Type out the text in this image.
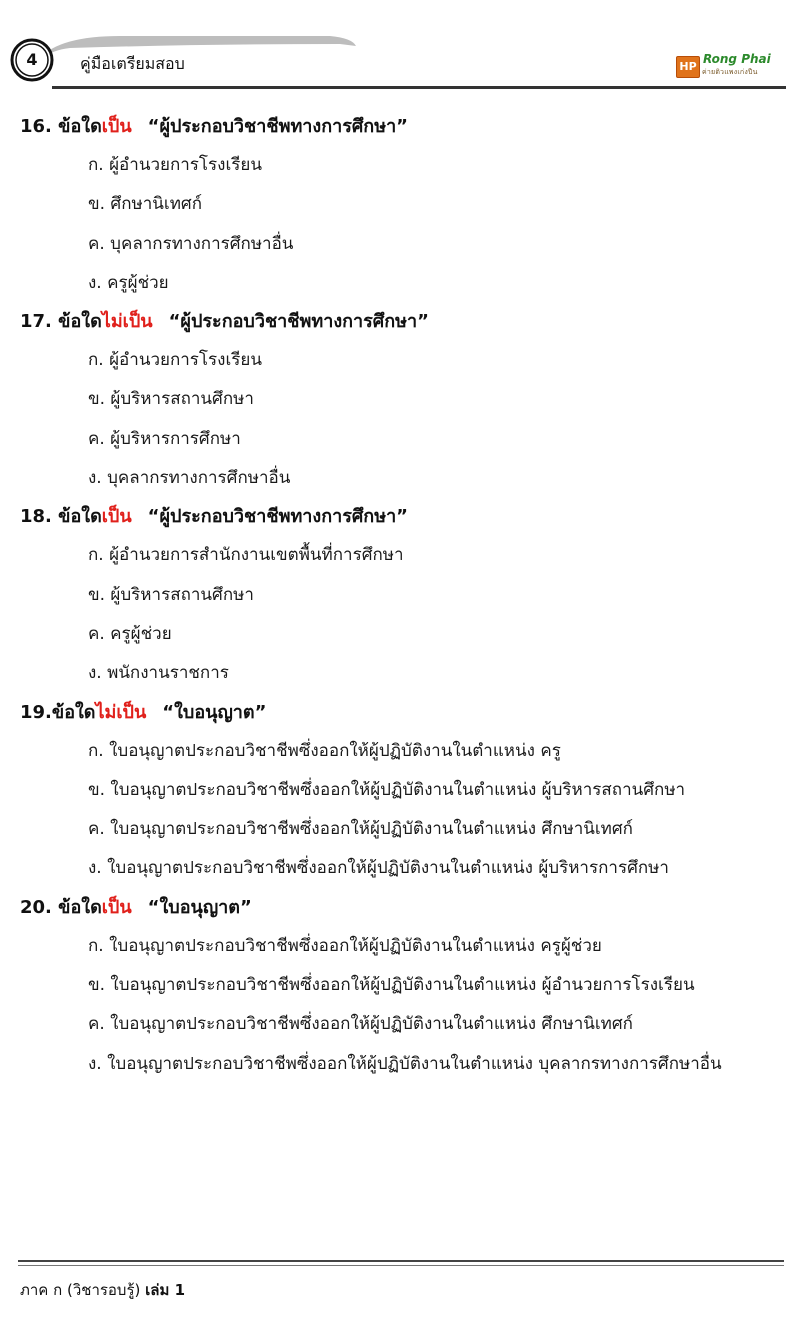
4	คู่มือเตรียมสอบ	HP
Rong Phai
ค่ายติวแพงเก่งปืน
16. ข้อใดเป็น “ผู้ประกอบวิชาชีพทางการศึกษา”
ก. ผู้อำนวยการโรงเรียน
ข. ศึกษานิเทศก์
ค. บุคลากรทางการศึกษาอื่น
ง. ครูผู้ช่วย
17. ข้อใดไม่เป็น “ผู้ประกอบวิชาชีพทางการศึกษา”
ก. ผู้อำนวยการโรงเรียน
ข. ผู้บริหารสถานศึกษา
ค. ผู้บริหารการศึกษา
ง. บุคลากรทางการศึกษาอื่น
18. ข้อใดเป็น “ผู้ประกอบวิชาชีพทางการศึกษา”
ก. ผู้อำนวยการสำนักงานเขตพื้นที่การศึกษา
ข. ผู้บริหารสถานศึกษา
ค. ครูผู้ช่วย
ง. พนักงานราชการ
19.ข้อใดไม่เป็น “ใบอนุญาต”
ก. ใบอนุญาตประกอบวิชาชีพซึ่งออกให้ผู้ปฏิบัติงานในตำแหน่ง ครู
ข. ใบอนุญาตประกอบวิชาชีพซึ่งออกให้ผู้ปฏิบัติงานในตำแหน่ง ผู้บริหารสถานศึกษา
ค. ใบอนุญาตประกอบวิชาชีพซึ่งออกให้ผู้ปฏิบัติงานในตำแหน่ง ศึกษานิเทศก์
ง. ใบอนุญาตประกอบวิชาชีพซึ่งออกให้ผู้ปฏิบัติงานในตำแหน่ง ผู้บริหารการศึกษา
20. ข้อใดเป็น “ใบอนุญาต”
ก. ใบอนุญาตประกอบวิชาชีพซึ่งออกให้ผู้ปฏิบัติงานในตำแหน่ง ครูผู้ช่วย
ข. ใบอนุญาตประกอบวิชาชีพซึ่งออกให้ผู้ปฏิบัติงานในตำแหน่ง ผู้อำนวยการโรงเรียน
ค. ใบอนุญาตประกอบวิชาชีพซึ่งออกให้ผู้ปฏิบัติงานในตำแหน่ง ศึกษานิเทศก์
ง. ใบอนุญาตประกอบวิชาชีพซึ่งออกให้ผู้ปฏิบัติงานในตำแหน่ง บุคลากรทางการศึกษาอื่น
ภาค ก (วิชารอบรู้) เล่ม 1
